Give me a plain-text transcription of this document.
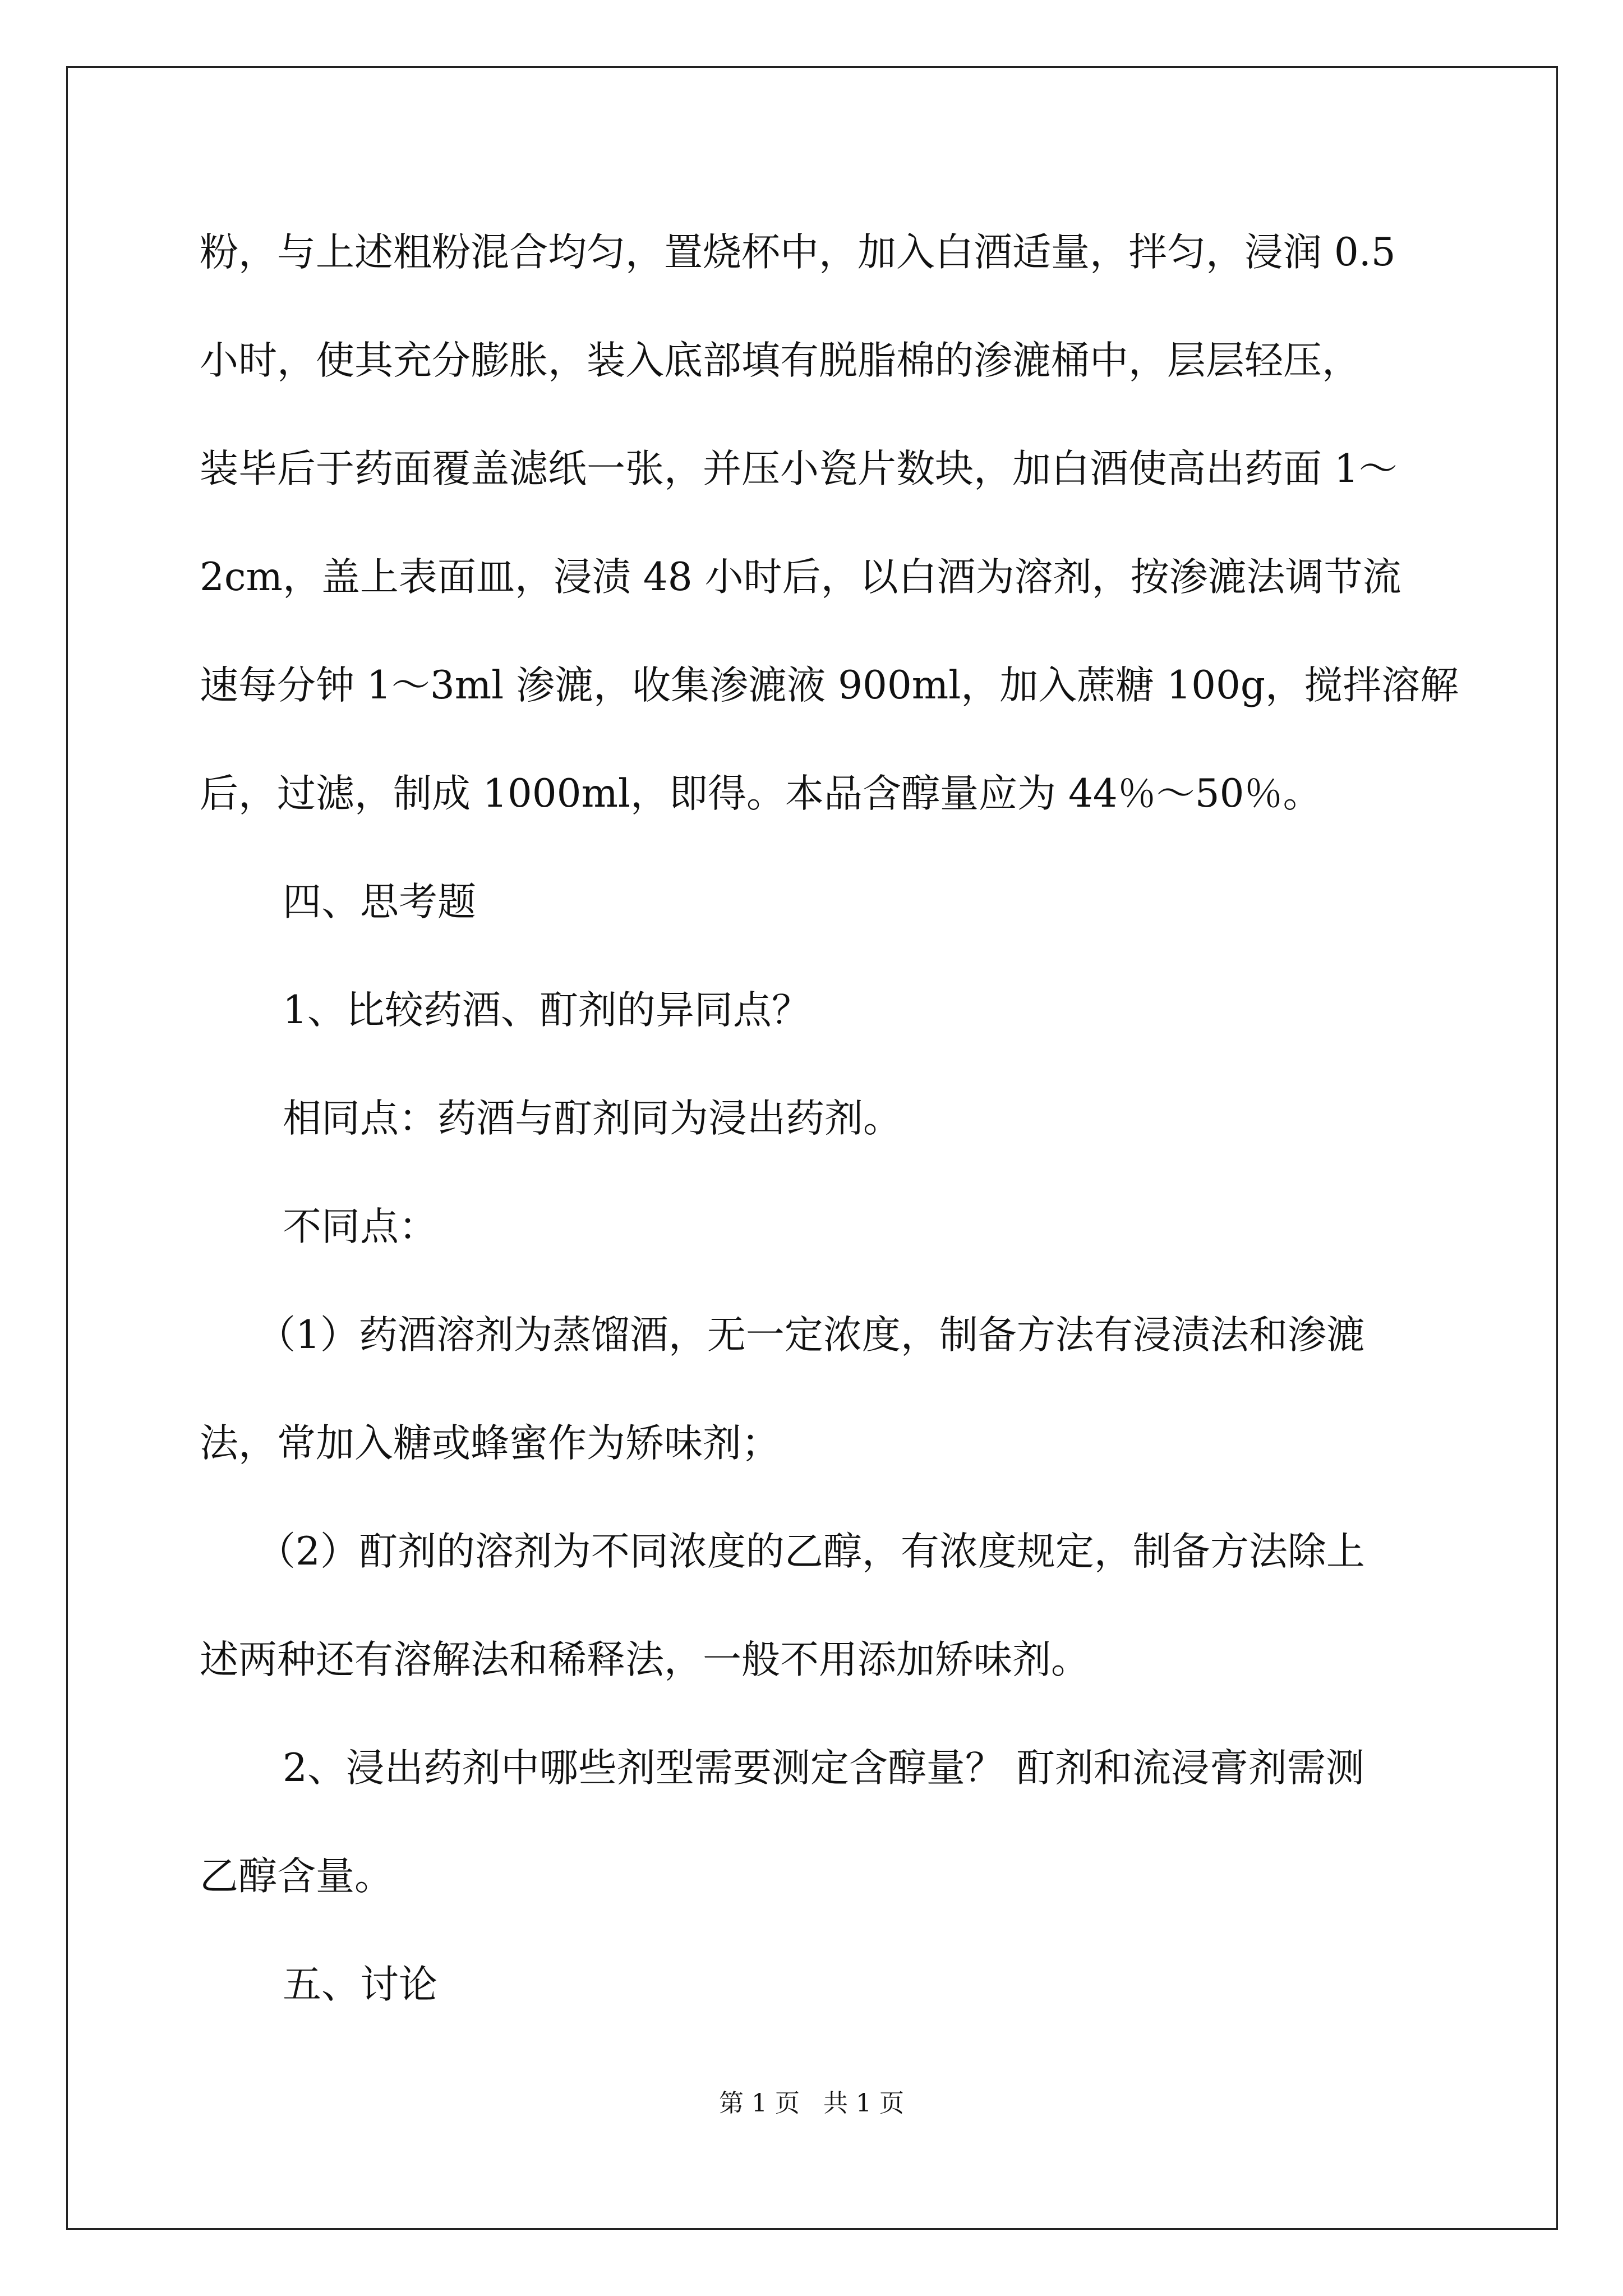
粉，与上述粗粉混合均匀，置烧杯中，加入白酒适量，拌匀，浸润 0.5
小时，使其充分膨胀，装入底部填有脱脂棉的渗漉桶中，层层轻压，
装毕后于药面覆盖滤纸一张，并压小瓷片数块，加白酒使高出药面 1～
2cm，盖上表面皿，浸渍 48 小时后，以白酒为溶剂，按渗漉法调节流
速每分钟 1～3ml 渗漉，收集渗漉液 900ml，加入蔗糖 100g，搅拌溶解
后，过滤，制成 1000ml，即得。本品含醇量应为 44％～50％。
四、思考题
1、比较药酒、酊剂的异同点？
相同点：药酒与酊剂同为浸出药剂。
不同点：
（1）药酒溶剂为蒸馏酒，无一定浓度，制备方法有浸渍法和渗漉
法，常加入糖或蜂蜜作为矫味剂；
（2）酊剂的溶剂为不同浓度的乙醇，有浓度规定，制备方法除上
述两种还有溶解法和稀释法，一般不用添加矫味剂。
2、浸出药剂中哪些剂型需要测定含醇量？ 酊剂和流浸膏剂需测
乙醇含量。
五、讨论
第 1 页 共 1 页
